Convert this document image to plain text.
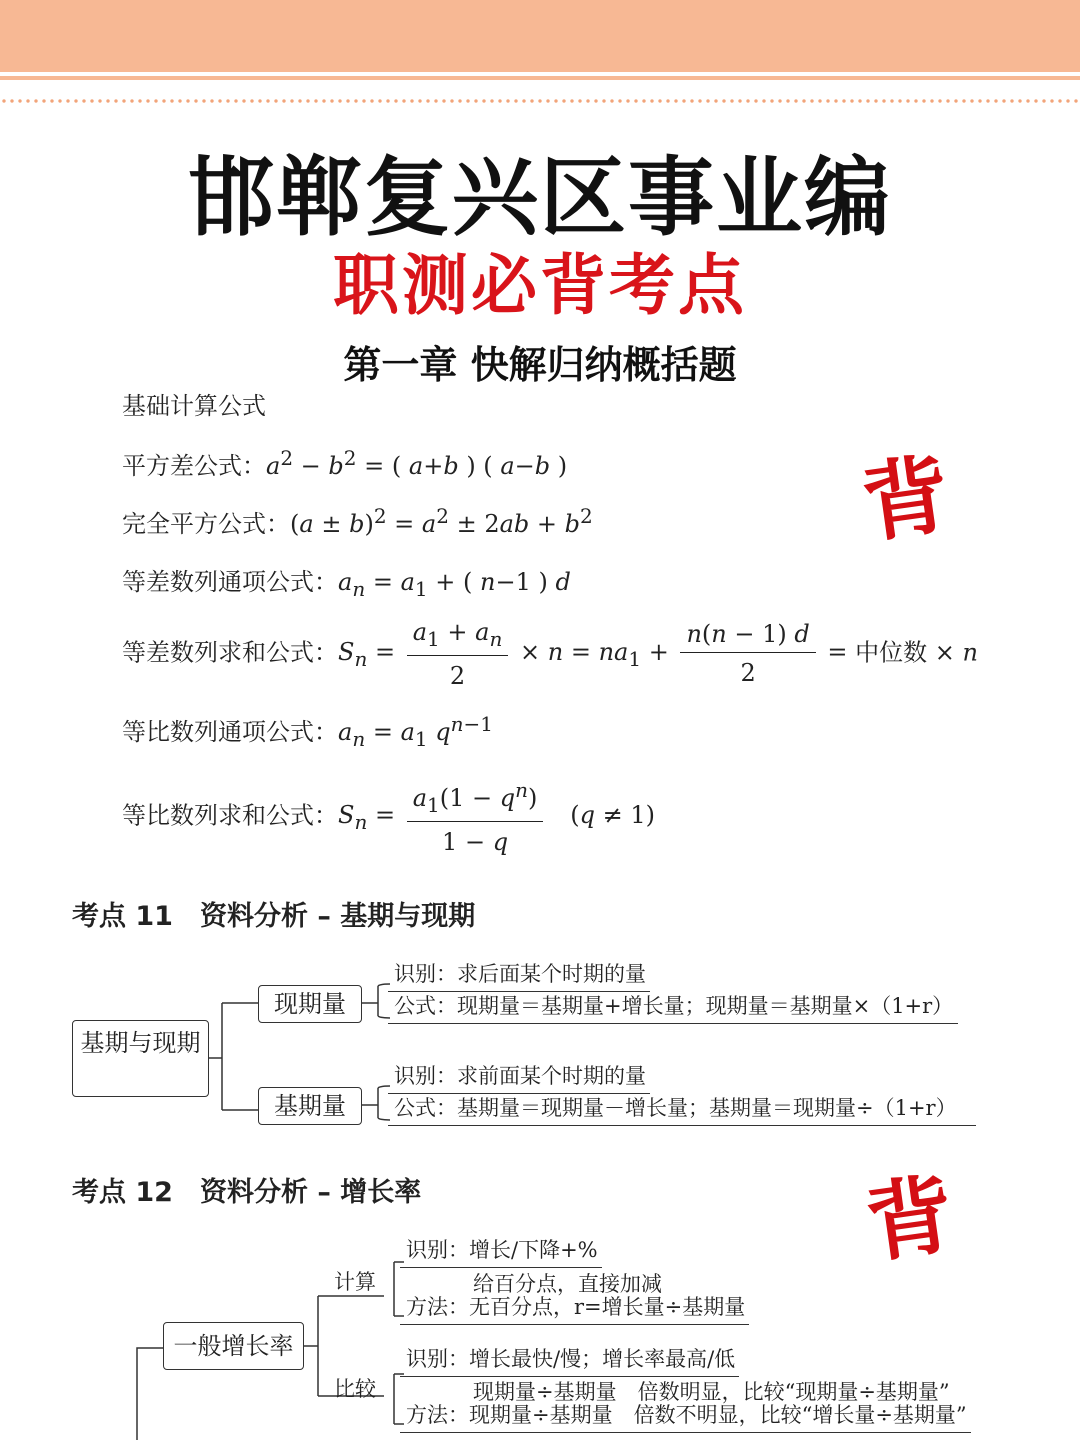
邯郸复兴区事业编
职测必背考点
第一章 快解归纳概括题
基础计算公式
平方差公式：$a^2 - b^2$ = ( a+b ) ( a−b )
完全平方公式：$(a \pm b)^2 = a^2 \pm 2ab + b^2$
等差数列通项公式：$a_n = a_1$ + ( n−1 ) d
等差数列求和公式：$S_n = \frac{a_1 + a_n}{2} \times n = na_1 + \frac{n(n - 1) d}{2}$ = 中位数 × n
等比数列通项公式：$a_n = a_1$ $q^{n-1}$
等比数列求和公式：$S_n = \frac{a_1(1 - q^n)}{1 - q} (q \ne 1)$
背
背
考点 11　资料分析 – 基期与现期
基期与现期
现期量
基期量
识别：求后面某个时期的量
公式：现期量＝基期量+增长量；现期量＝基期量×（1+r）
识别：求前面某个时期的量
公式：基期量＝现期量－增长量；基期量＝现期量÷（1+r）
考点 12　资料分析 – 增长率
一般增长率
计算
比较
识别：增长/下降+%
给百分点，直接加减
方法：无百分点，r=增长量÷基期量
识别：增长最快/慢；增长率最高/低
现期量÷基期量　倍数明显，比较“现期量÷基期量”
方法：现期量÷基期量　倍数不明显，比较“增长量÷基期量”
